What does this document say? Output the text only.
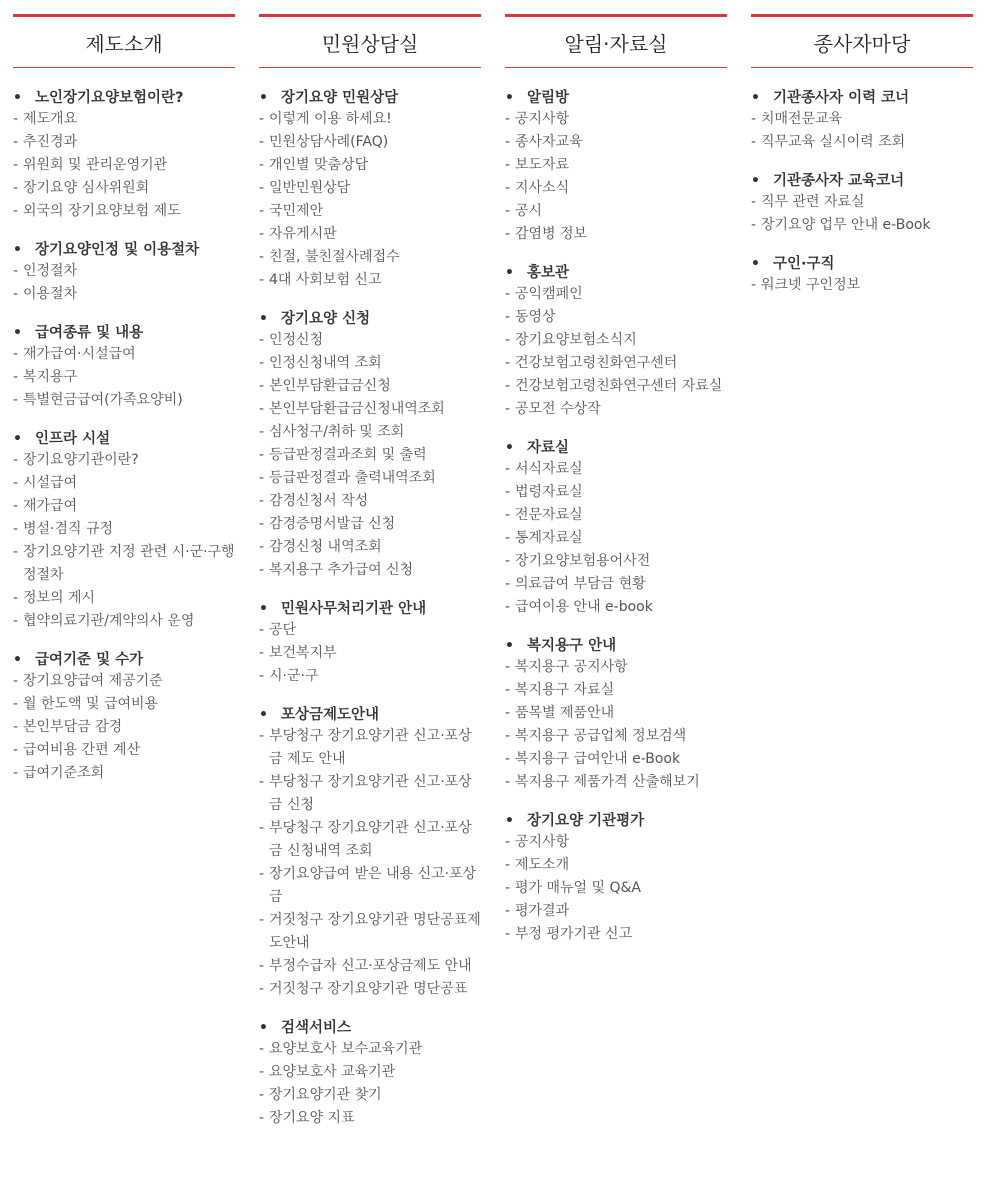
제도소개
• 노인장기요양보험이란?
- 제도개요
- 추진경과
- 위원회 및 관리운영기관
- 장기요양 심사위원회
- 외국의 장기요양보험 제도
• 장기요양인정 및 이용절차
- 인정절차
- 이용절차
• 급여종류 및 내용
- 재가급여·시설급여
- 복지용구
- 특별현금급여(가족요양비)
• 인프라 시설
- 장기요양기관이란?
- 시설급여
- 재가급여
- 병설·겸직 규정
- 장기요양기관 지정 관련 시·군·구행정절차
- 정보의 게시
- 협약의료기관/계약의사 운영
• 급여기준 및 수가
- 장기요양급여 제공기준
- 월 한도액 및 급여비용
- 본인부담금 감경
- 급여비용 간편 계산
- 급여기준조회
민원상담실
• 장기요양 민원상담
- 이렇게 이용 하세요!
- 민원상담사례(FAQ)
- 개인별 맞춤상담
- 일반민원상담
- 국민제안
- 자유게시판
- 친절, 불친절사례접수
- 4대 사회보험 신고
• 장기요양 신청
- 인정신청
- 인정신청내역 조회
- 본인부담환급금신청
- 본인부담환급금신청내역조회
- 심사청구/취하 및 조회
- 등급판정결과조회 및 출력
- 등급판정결과 출력내역조회
- 감경신청서 작성
- 감경증명서발급 신청
- 감경신청 내역조회
- 복지용구 추가급여 신청
• 민원사무처리기관 안내
- 공단
- 보건복지부
- 시·군·구
• 포상금제도안내
- 부당청구 장기요양기관 신고·포상금 제도 안내
- 부당청구 장기요양기관 신고·포상금 신청
- 부당청구 장기요양기관 신고·포상금 신청내역 조회
- 장기요양급여 받은 내용 신고·포상금
- 거짓청구 장기요양기관 명단공표제도안내
- 부정수급자 신고·포상금제도 안내
- 거짓청구 장기요양기관 명단공표
• 검색서비스
- 요양보호사 보수교육기관
- 요양보호사 교육기관
- 장기요양기관 찾기
- 장기요양 지표
알림·자료실
• 알림방
- 공지사항
- 종사자교육
- 보도자료
- 지사소식
- 공시
- 감염병 정보
• 홍보관
- 공익캠페인
- 동영상
- 장기요양보험소식지
- 건강보험고령친화연구센터
- 건강보험고령친화연구센터 자료실
- 공모전 수상작
• 자료실
- 서식자료실
- 법령자료실
- 전문자료실
- 통계자료실
- 장기요양보험용어사전
- 의료급여 부담금 현황
- 급여이용 안내 e-book
• 복지용구 안내
- 복지용구 공지사항
- 복지용구 자료실
- 품목별 제품안내
- 복지용구 공급업체 정보검색
- 복지용구 급여안내 e-Book
- 복지용구 제품가격 산출해보기
• 장기요양 기관평가
- 공지사항
- 제도소개
- 평가 매뉴얼 및 Q&A
- 평가결과
- 부정 평가기관 신고
종사자마당
• 기관종사자 이력 코너
- 치매전문교육
- 직무교육 실시이력 조회
• 기관종사자 교육코너
- 직무 관련 자료실
- 장기요양 업무 안내 e-Book
• 구인·구직
- 워크넷 구인정보
